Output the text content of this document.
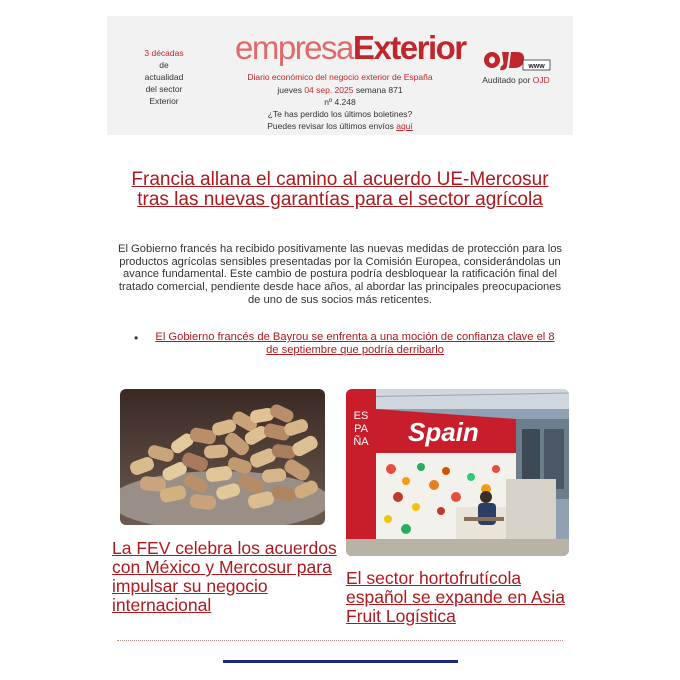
3 décadas
de
actualidad
del sector
Exterior
empresaExterior
Diario económico del negocio exterior de España
jueves 04 sep. 2025 semana 871
nº 4.248
¿Te has perdido los últimos boletines?
Puedes revisar los últimos envíos aquí
www
Auditado por OJD
Francia allana el camino al acuerdo UE-Mercosur tras las nuevas garantías para el sector agrícola
El Gobierno francés ha recibido positivamente las nuevas medidas de protección para los productos agrícolas sensibles presentadas por la Comisión Europea, considerándolas un avance fundamental. Este cambio de postura podría desbloquear la ratificación final del tratado comercial, pendiente desde hace años, al abordar las principales preocupaciones de uno de sus socios más reticentes.
• El Gobierno francés de Bayrou se enfrenta a una moción de confianza clave el 8 de septiembre que podría derribarlo
ES PA ÑA Spain
La FEV celebra los acuerdos con México y Mercosur para impulsar su negocio internacional
El sector hortofrutícola español se expande en Asia Fruit Logística
